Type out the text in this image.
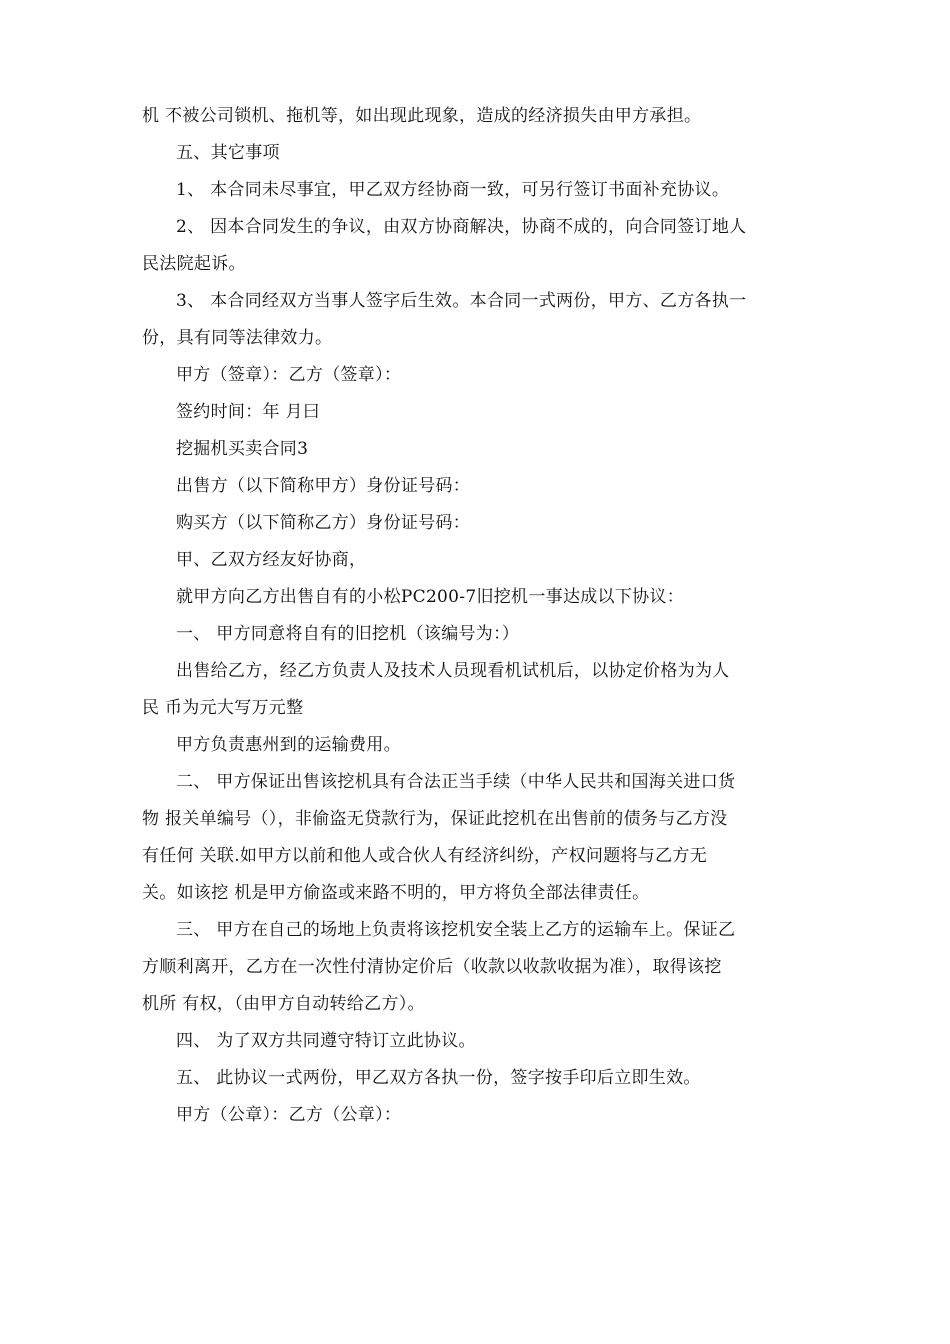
机 不被公司锁机、拖机等，如出现此现象，造成的经济损失由甲方承担。
五、其它事项
1、 本合同未尽事宜，甲乙双方经协商一致，可另行签订书面补充协议。
2、 因本合同发生的争议，由双方协商解决，协商不成的，向合同签订地人
民法院起诉。
3、 本合同经双方当事人签字后生效。本合同一式两份，甲方、乙方各执一
份，具有同等法律效力。
甲方（签章）：乙方（签章）：
签约时间：年 月曰
挖掘机买卖合同3
出售方（以下简称甲方）身份证号码：
购买方（以下简称乙方）身份证号码：
甲、乙双方经友好协商，
就甲方向乙方出售自有的小松PC200-7旧挖机一事达成以下协议：
一、 甲方同意将自有的旧挖机（该编号为：）
出售给乙方，经乙方负责人及技术人员现看机试机后，以协定价格为为人
民 币为元大写万元整
甲方负责惠州到的运输费用。
二、 甲方保证出售该挖机具有合法正当手续（中华人民共和国海关进口货
物 报关单编号（），非偷盗无贷款行为，保证此挖机在出售前的债务与乙方没
有任何 关联.如甲方以前和他人或合伙人有经济纠纷，产权问题将与乙方无
关。如该挖 机是甲方偷盗或来路不明的，甲方将负全部法律责任。
三、 甲方在自己的场地上负责将该挖机安全装上乙方的运输车上。保证乙
方顺利离开，乙方在一次性付清协定价后（收款以收款收据为准），取得该挖
机所 有权，（由甲方自动转给乙方）。
四、 为了双方共同遵守特订立此协议。
五、 此协议一式两份，甲乙双方各执一份，签字按手印后立即生效。
甲方（公章）：乙方（公章）：
